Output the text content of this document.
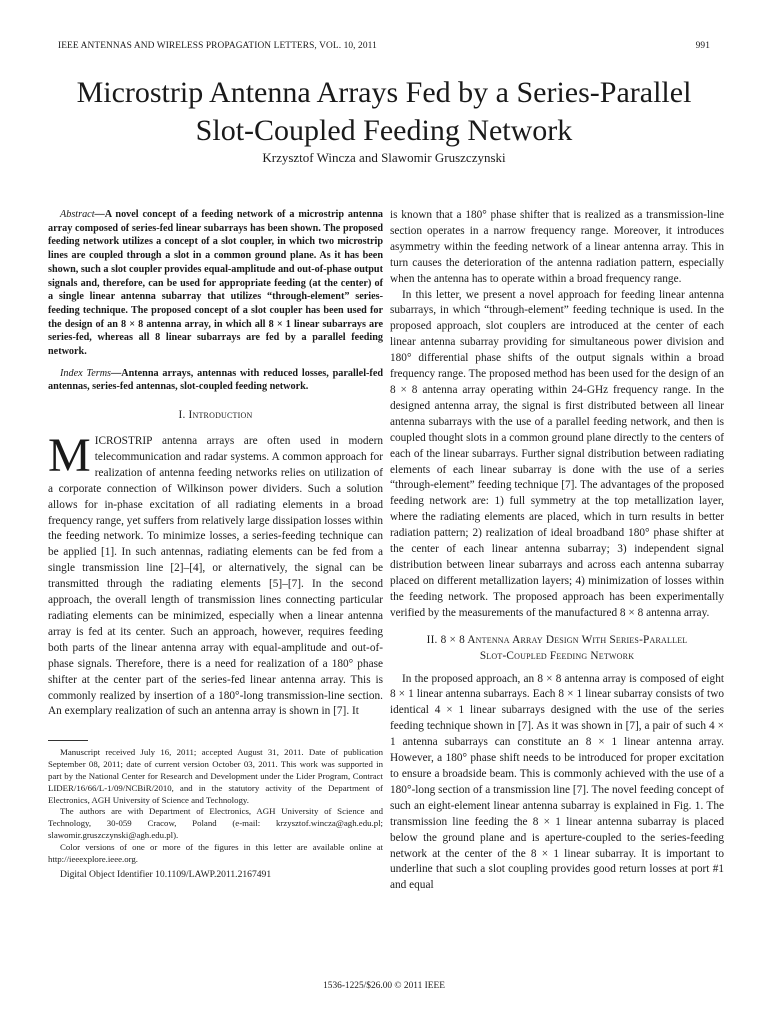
IEEE ANTENNAS AND WIRELESS PROPAGATION LETTERS, VOL. 10, 2011	991
Microstrip Antenna Arrays Fed by a Series-Parallel
Slot-Coupled Feeding Network
Krzysztof Wincza and Slawomir Gruszczynski

Abstract—A novel concept of a feeding network of a microstrip antenna array composed of series-fed linear subarrays has been shown. The proposed feeding network utilizes a concept of a slot coupler, in which two microstrip lines are coupled through a slot in a common ground plane. As it has been shown, such a slot coupler provides equal-amplitude and out-of-phase output signals and, therefore, can be used for appropriate feeding (at the center) of a single linear antenna subarray that utilizes “through-element” series-feeding technique. The proposed concept of a slot coupler has been used for the design of an 8 × 8 antenna array, in which all 8 × 1 linear subarrays are series-fed, whereas all 8 linear subarrays are fed by a parallel feeding network.

Index Terms—Antenna arrays, antennas with reduced losses, parallel-fed antennas, series-fed antennas, slot-coupled feeding network.

I. Introduction

MICROSTRIP antenna arrays are often used in modern telecommunication and radar systems. A common approach for realization of antenna feeding networks relies on utilization of a corporate connection of Wilkinson power dividers. Such a solution allows for in-phase excitation of all radiating elements in a broad frequency range, yet suffers from relatively large dissipation losses within the feeding network. To minimize losses, a series-feeding technique can be applied [1]. In such antennas, radiating elements can be fed from a single transmission line [2]–[4], or alternatively, the signal can be transmitted through the radiating elements [5]–[7]. In the second approach, the overall length of transmission lines connecting particular radiating elements can be minimized, especially when a linear antenna array is fed at its center. Such an approach, however, requires feeding both parts of the linear antenna array with equal-amplitude and out-of-phase signals. Therefore, there is a need for realization of a 180° phase shifter at the center part of the series-fed linear antenna array. This is commonly realized by insertion of a 180°-long transmission-line section. An exemplary realization of such an antenna array is shown in [7]. It

Manuscript received July 16, 2011; accepted August 31, 2011. Date of publication September 08, 2011; date of current version October 03, 2011. This work was supported in part by the National Center for Research and Development under the Lider Program, Contract LIDER/16/66/L-1/09/NCBiR/2010, and in the statutory activity of the Department of Electronics, AGH University of Science and Technology.

The authors are with Department of Electronics, AGH University of Science and Technology, 30-059 Cracow, Poland (e-mail: krzysztof.wincza@agh.edu.pl; slawomir.gruszczynski@agh.edu.pl).

Color versions of one or more of the figures in this letter are available online at http://ieeexplore.ieee.org.

Digital Object Identifier 10.1109/LAWP.2011.2167491

is known that a 180° phase shifter that is realized as a transmission-line section operates in a narrow frequency range. Moreover, it introduces asymmetry within the feeding network of a linear antenna array. This in turn causes the deterioration of the antenna radiation pattern, especially when the antenna has to operate within a broad frequency range.

In this letter, we present a novel approach for feeding linear antenna subarrays, in which “through-element” feeding technique is used. In the proposed approach, slot couplers are introduced at the center of each linear antenna subarray providing for simultaneous power division and 180° differential phase shifts of the output signals within a broad frequency range. The proposed method has been used for the design of an 8 × 8 antenna array operating within 24-GHz frequency range. In the designed antenna array, the signal is first distributed between all linear antenna subarrays with the use of a parallel feeding network, and then is coupled thought slots in a common ground plane directly to the centers of each of the linear subarrays. Further signal distribution between radiating elements of each linear subarray is done with the use of a series “through-element” feeding technique [7]. The advantages of the proposed feeding network are: 1) full symmetry at the top metallization layer, where the radiating elements are placed, which in turn results in better radiation pattern; 2) realization of ideal broadband 180° phase shifter at the center of each linear antenna subarray; 3) independent signal distribution between linear subarrays and across each antenna subarray placed on different metallization layers; 4) minimization of losses within the feeding network. The proposed approach has been experimentally verified by the measurements of the manufactured 8 × 8 antenna array.

II. 8 × 8 Antenna Array Design With Series-Parallel
Slot-Coupled Feeding Network

In the proposed approach, an 8 × 8 antenna array is composed of eight 8 × 1 linear antenna subarrays. Each 8 × 1 linear subarray consists of two identical 4 × 1 linear subarrays designed with the use of the series feeding technique shown in [7]. As it was shown in [7], a pair of such 4 × 1 antenna subarrays can constitute an 8 × 1 linear antenna array. However, a 180° phase shift needs to be introduced for proper excitation to ensure a broadside beam. This is commonly achieved with the use of a 180°-long section of a transmission line [7]. The novel feeding concept of such an eight-element linear antenna subarray is explained in Fig. 1. The transmission line feeding the 8 × 1 linear antenna subarray is placed below the ground plane and is aperture-coupled to the series-feeding network at the center of the 8 × 1 linear subarray. It is important to underline that such a slot coupling provides good return losses at port #1 and equal

1536-1225/$26.00 © 2011 IEEE
